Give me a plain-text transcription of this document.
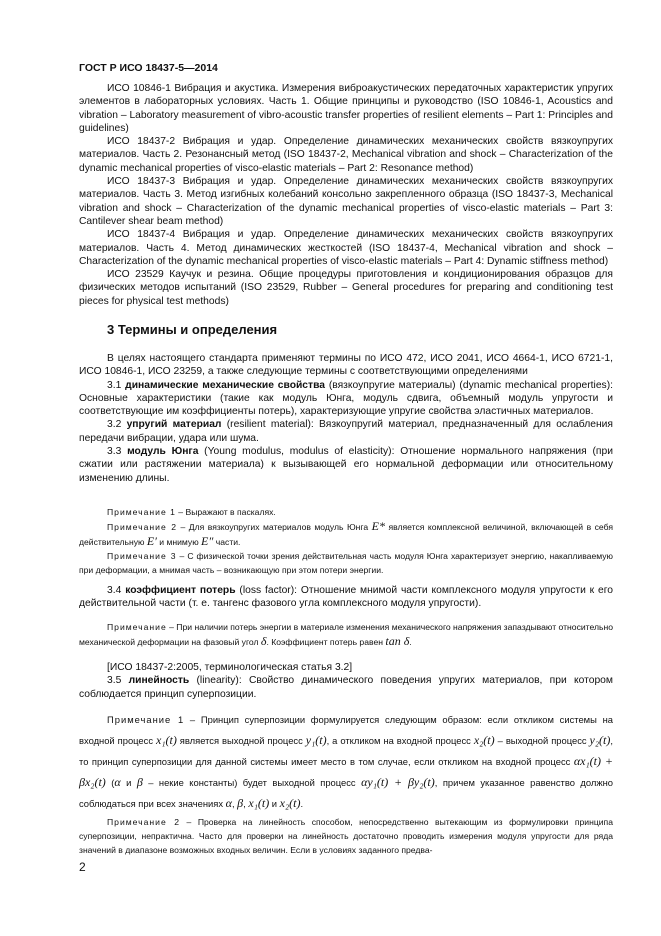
ГОСТ Р ИСО 18437-5—2014

ИСО 10846-1 Вибрация и акустика. Измерения виброакустических передаточных характеристик упругих элементов в лабораторных условиях. Часть 1. Общие принципы и руководство (ISO 10846-1, Acoustics and vibration – Laboratory measurement of vibro-acoustic transfer properties of resilient elements – Part 1: Principles and guidelines)

ИСО 18437-2 Вибрация и удар. Определение динамических механических свойств вязкоупругих материалов. Часть 2. Резонансный метод (ISO 18437-2, Mechanical vibration and shock – Characterization of the dynamic mechanical properties of visco-elastic materials – Part 2: Resonance method)

ИСО 18437-3 Вибрация и удар. Определение динамических механических свойств вязкоупругих материалов. Часть 3. Метод изгибных колебаний консольно закрепленного образца (ISO 18437-3, Mechanical vibration and shock – Characterization of the dynamic mechanical properties of visco-elastic materials – Part 3: Cantilever shear beam method)

ИСО 18437-4 Вибрация и удар. Определение динамических механических свойств вязкоупругих материалов. Часть 4. Метод динамических жесткостей (ISO 18437-4, Mechanical vibration and shock – Characterization of the dynamic mechanical properties of visco-elastic materials – Part 4: Dynamic stiffness method)

ИСО 23529 Каучук и резина. Общие процедуры приготовления и кондиционирования образцов для физических методов испытаний (ISO 23529, Rubber – General procedures for preparing and conditioning test pieces for physical test methods)

3 Термины и определения

В целях настоящего стандарта применяют термины по ИСО 472, ИСО 2041, ИСО 4664-1, ИСО 6721-1, ИСО 10846-1, ИСО 23259, а также следующие термины с соответствующими определениями

3.1 динамические механические свойства (вязкоупругие материалы) (dynamic mechanical properties): Основные характеристики (такие как модуль Юнга, модуль сдвига, объемный модуль упругости и соответствующие им коэффициенты потерь), характеризующие упругие свойства эластичных материалов.

3.2 упругий материал (resilient material): Вязкоупругий материал, предназначенный для ослабления передачи вибрации, удара или шума.

3.3 модуль Юнга (Young modulus, modulus of elasticity): Отношение нормального напряжения (при сжатии или растяжении материала) к вызывающей его нормальной деформации или относительному изменению длины.

Примечание 1 – Выражают в паскалях.

Примечание 2 – Для вязкоупругих материалов модуль Юнга E* является комплексной величиной, включающей в себя действительную E′ и мнимую E″ части.

Примечание 3 – С физической точки зрения действительная часть модуля Юнга характеризует энергию, накапливаемую при деформации, а мнимая часть – возникающую при этом потери энергии.

3.4 коэффициент потерь (loss factor): Отношение мнимой части комплексного модуля упругости к его действительной части (т. е. тангенс фазового угла комплексного модуля упругости).

Примечание – При наличии потерь энергии в материале изменения механического напряжения запаздывают относительно механической деформации на фазовый угол δ. Коэффициент потерь равен tan δ.

[ИСО 18437-2:2005, терминологическая статья 3.2]

3.5 линейность (linearity): Свойство динамического поведения упругих материалов, при котором соблюдается принцип суперпозиции.

Примечание 1 – Принцип суперпозиции формулируется следующим образом: если откликом системы на входной процесс x₁(t) является выходной процесс y₁(t), а откликом на входной процесс x₂(t) – выходной процесс y₂(t), то принцип суперпозиции для данной системы имеет место в том случае, если откликом на входной процесс αx₁(t) + βx₂(t) (α и β – некие константы) будет выходной процесс αy₁(t) + βy₂(t), причем указанное равенство должно соблюдаться при всех значениях α, β, x₁(t) и x₂(t).

Примечание 2 – Проверка на линейность способом, непосредственно вытекающим из формулировки принципа суперпозиции, непрактична. Часто для проверки на линейность достаточно проводить измерения модуля упругости для ряда значений в диапазоне возможных входных величин. Если в условиях заданного предва-

2
